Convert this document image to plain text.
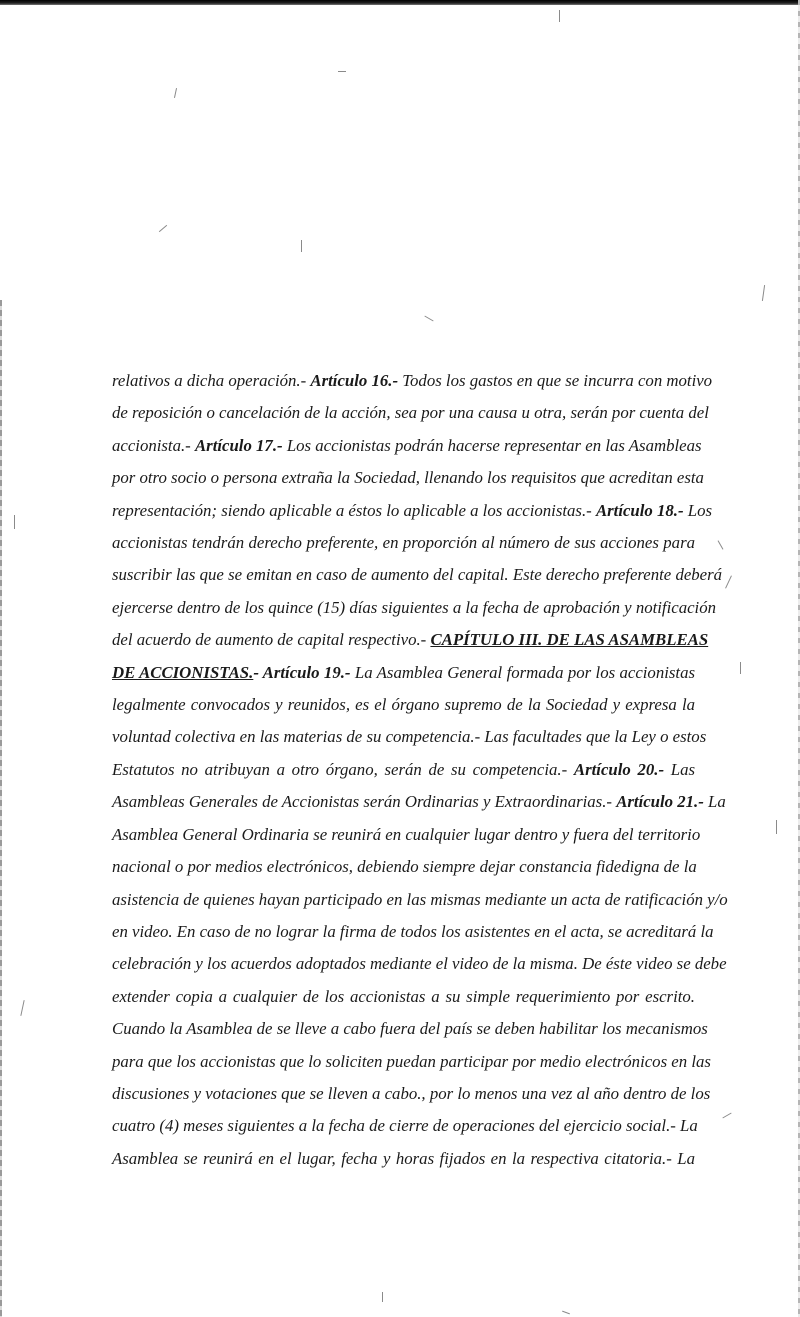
relativos a dicha operación.- Artículo 16.- Todos los gastos en que se incurra con motivo
de reposición o cancelación de la acción, sea por una causa u otra, serán por cuenta del
accionista.- Artículo 17.- Los accionistas podrán hacerse representar en las Asambleas
por otro socio o persona extraña la Sociedad, llenando los requisitos que acreditan esta
representación; siendo aplicable a éstos lo aplicable a los accionistas.- Artículo 18.- Los
accionistas tendrán derecho preferente, en proporción al número de sus acciones para
suscribir las que se emitan en caso de aumento del capital. Este derecho preferente deberá
ejercerse dentro de los quince (15) días siguientes a la fecha de aprobación y notificación
del acuerdo de aumento de capital respectivo.- CAPÍTULO III. DE LAS ASAMBLEAS
DE ACCIONISTAS.- Artículo 19.- La Asamblea General formada por los accionistas
legalmente convocados y reunidos, es el órgano supremo de la Sociedad y expresa la
voluntad colectiva en las materias de su competencia.- Las facultades que la Ley o estos
Estatutos no atribuyan a otro órgano, serán de su competencia.- Artículo 20.- Las
Asambleas Generales de Accionistas serán Ordinarias y Extraordinarias.- Artículo 21.- La
Asamblea General Ordinaria se reunirá en cualquier lugar dentro y fuera del territorio
nacional o por medios electrónicos, debiendo siempre dejar constancia fidedigna de la
asistencia de quienes hayan participado en las mismas mediante un acta de ratificación y/o
en video. En caso de no lograr la firma de todos los asistentes en el acta, se acreditará la
celebración y los acuerdos adoptados mediante el video de la misma. De éste video se debe
extender copia a cualquier de los accionistas a su simple requerimiento por escrito.
Cuando la Asamblea de se lleve a cabo fuera del país se deben habilitar los mecanismos
para que los accionistas que lo soliciten puedan participar por medio electrónicos en las
discusiones y votaciones que se lleven a cabo., por lo menos una vez al año dentro de los
cuatro (4) meses siguientes a la fecha de cierre de operaciones del ejercicio social.- La
Asamblea se reunirá en el lugar, fecha y horas fijados en la respectiva citatoria.- La
